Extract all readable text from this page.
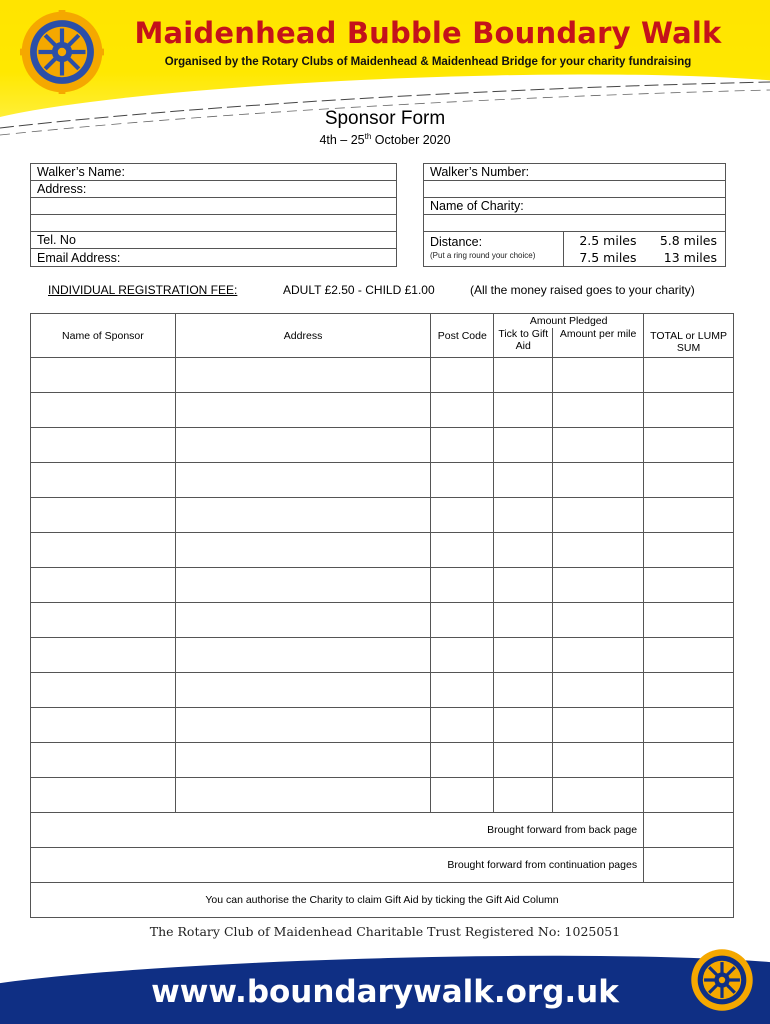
Maidenhead Bubble Boundary Walk
Organised by the Rotary Clubs of Maidenhead & Maidenhead Bridge for your charity fundraising
Sponsor Form
4th – 25th October 2020
Walker’s Name:
Address:
Tel. No
Email Address:
Walker’s Number:
Name of Charity:
Distance:
(Put a ring round your choice)
2.5 miles	5.8 miles
7.5 miles	13 miles
INDIVIDUAL REGISTRATION FEE:	ADULT £2.50 - CHILD £1.00	(All the money raised goes to your charity)
Name of Sponsor	Address	Post Code	Amount Pledged		TOTAL or LUMP SUM
			Tick to Gift Aid	Amount per mile	

Brought forward from back page					
Brought forward from continuation pages					
You can authorise the Charity to claim Gift Aid by ticking the Gift Aid Column					
The Rotary Club of Maidenhead Charitable Trust Registered No: 1025051
www.boundarywalk.org.uk
